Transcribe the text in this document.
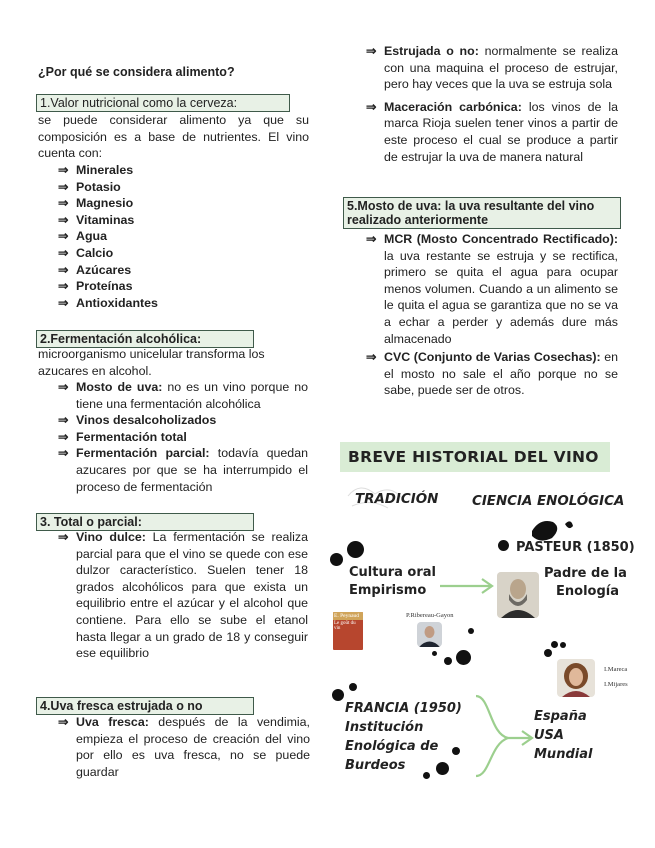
¿Por qué se considera alimento?
1.Valor nutricional como la cerveza:
se puede considerar alimento ya que su composición es a base de nutrientes. El vino cuenta con:
⇒ Minerales
⇒ Potasio
⇒ Magnesio
⇒ Vitaminas
⇒ Agua
⇒ Calcio
⇒ Azúcares
⇒ Proteínas
⇒ Antioxidantes
2.Fermentación alcohólica:
microorganismo unicelular transforma los azucares en alcohol.
⇒ Mosto de uva: no es un vino porque no tiene una fermentación alcohólica
⇒ Vinos desalcoholizados
⇒ Fermentación total
⇒ Fermentación parcial: todavía quedan azucares por que se ha interrumpido el proceso de fermentación
3. Total o parcial:
⇒ Vino dulce: La fermentación se realiza parcial para que el vino se quede con ese dulzor característico. Suelen tener 18 grados alcohólicos para que exista un equilibrio entre el azúcar y el alcohol que contiene. Para ello se sube el etanol hasta llegar a un grado de 18 y conseguir ese equilibrio
4.Uva fresca estrujada o no
⇒ Uva fresca: después de la vendimia, empieza el proceso de creación del vino por ello es uva fresca, no se puede guardar
⇒ Estrujada o no: normalmente se realiza con una maquina el proceso de estrujar, pero hay veces que la uva se estruja sola
⇒ Maceración carbónica: los vinos de la marca Rioja suelen tener vinos a partir de este proceso el cual se produce a partir de estrujar la uva de manera natural
5.Mosto de uva: la uva resultante del vino realizado anteriormente
⇒ MCR (Mosto Concentrado Rectificado): la uva restante se estruja y se rectifica, primero se quita el agua para ocupar menos volumen. Cuando a un alimento se le quita el agua se garantiza que no se va a echar a perder y además dure más almacenado
⇒ CVC (Conjunto de Varias Cosechas): en el mosto no sale el año porque no se sabe, puede ser de otros.
BREVE HISTORIAL DEL VINO
TRADICIÓN	CIENCIA ENOLÓGICA
Cultura oral
Empirismo
PASTEUR (1850)
Padre de la
Enología
E. Peynaud
Le goût du vin
P.Ribereau-Gayon
I.Mareca
I.Mijares
FRANCIA (1950)
Institución
Enológica de
Burdeos
España
USA
Mundial
